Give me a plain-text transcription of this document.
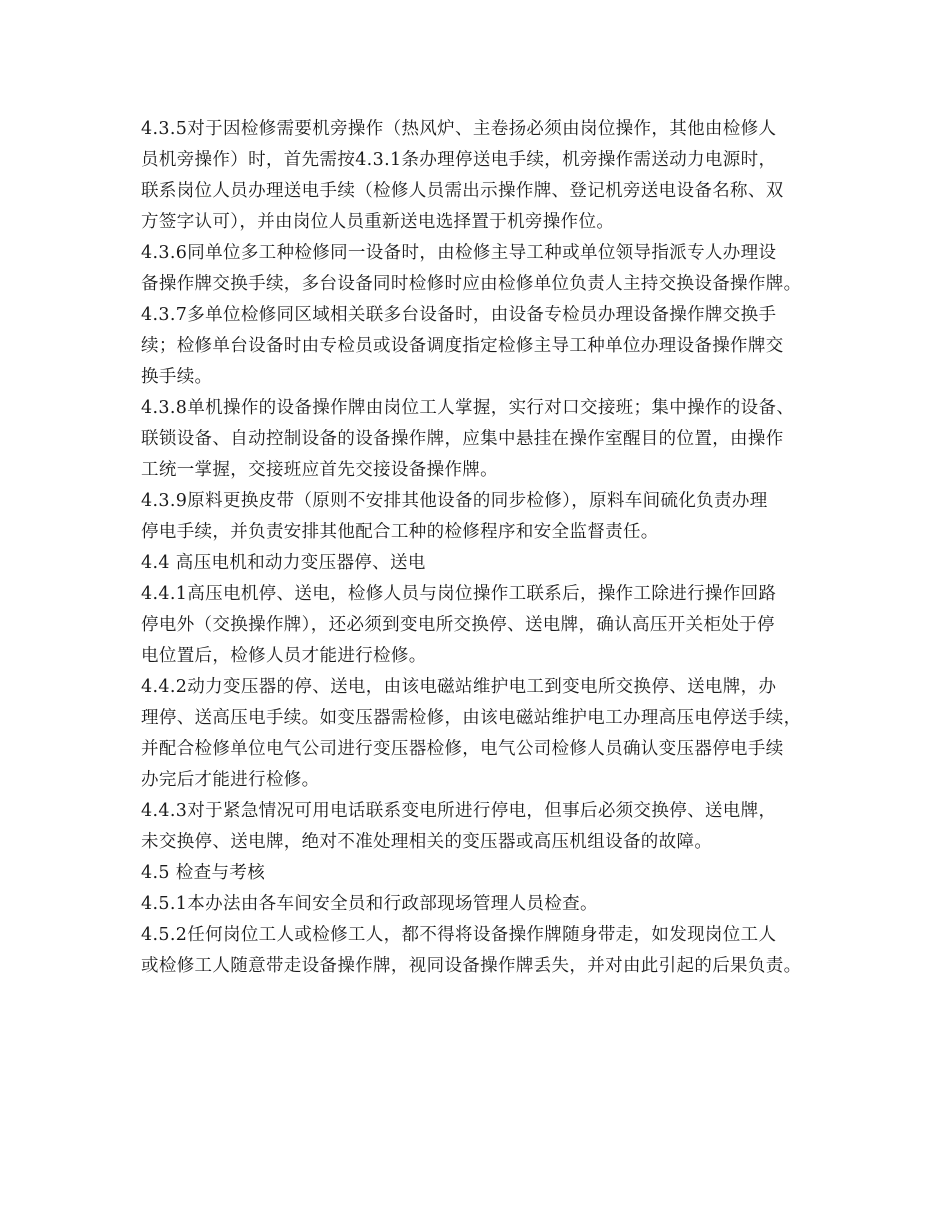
4.3.5对于因检修需要机旁操作（热风炉、主卷扬必须由岗位操作，其他由检修人
员机旁操作）时，首先需按4.3.1条办理停送电手续，机旁操作需送动力电源时，
联系岗位人员办理送电手续（检修人员需出示操作牌、登记机旁送电设备名称、双
方签字认可），并由岗位人员重新送电选择置于机旁操作位。
4.3.6同单位多工种检修同一设备时，由检修主导工种或单位领导指派专人办理设
备操作牌交换手续，多台设备同时检修时应由检修单位负责人主持交换设备操作牌。
4.3.7多单位检修同区域相关联多台设备时，由设备专检员办理设备操作牌交换手
续；检修单台设备时由专检员或设备调度指定检修主导工种单位办理设备操作牌交
换手续。
4.3.8单机操作的设备操作牌由岗位工人掌握，实行对口交接班；集中操作的设备、
联锁设备、自动控制设备的设备操作牌，应集中悬挂在操作室醒目的位置，由操作
工统一掌握，交接班应首先交接设备操作牌。
4.3.9原料更换皮带（原则不安排其他设备的同步检修），原料车间硫化负责办理
停电手续，并负责安排其他配合工种的检修程序和安全监督责任。
4.4 高压电机和动力变压器停、送电
4.4.1高压电机停、送电，检修人员与岗位操作工联系后，操作工除进行操作回路
停电外（交换操作牌），还必须到变电所交换停、送电牌，确认高压开关柜处于停
电位置后，检修人员才能进行检修。
4.4.2动力变压器的停、送电，由该电磁站维护电工到变电所交换停、送电牌，办
理停、送高压电手续。如变压器需检修，由该电磁站维护电工办理高压电停送手续，
并配合检修单位电气公司进行变压器检修，电气公司检修人员确认变压器停电手续
办完后才能进行检修。
4.4.3对于紧急情况可用电话联系变电所进行停电，但事后必须交换停、送电牌，
未交换停、送电牌，绝对不准处理相关的变压器或高压机组设备的故障。
4.5 检查与考核
4.5.1本办法由各车间安全员和行政部现场管理人员检查。
4.5.2任何岗位工人或检修工人，都不得将设备操作牌随身带走，如发现岗位工人
或检修工人随意带走设备操作牌，视同设备操作牌丢失，并对由此引起的后果负责。
